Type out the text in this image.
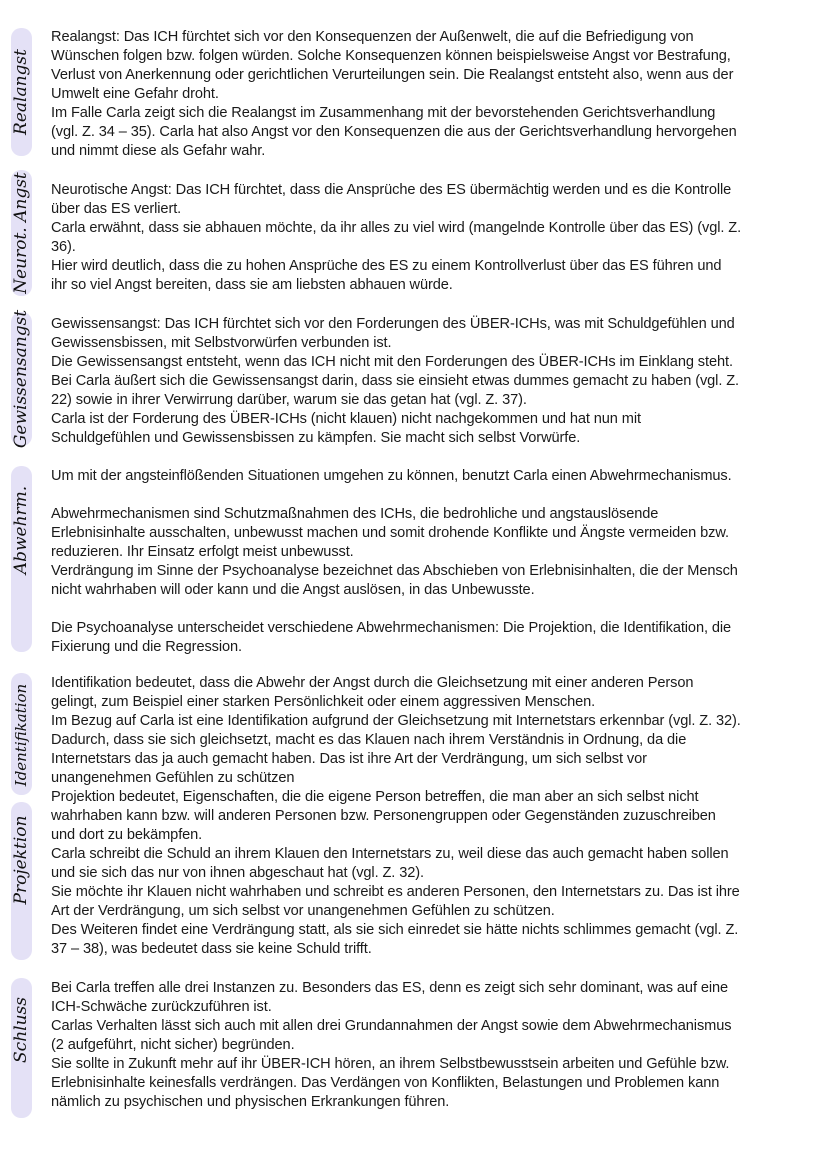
Realangst
Neurot. Angst
Gewissensangst
Abwehrm.
Identifikation
Projektion
Schluss
Realangst: Das ICH fürchtet sich vor den Konsequenzen der Außenwelt, die auf die Befriedigung von
Wünschen folgen bzw. folgen würden. Solche Konsequenzen können beispielsweise Angst vor Bestrafung,
Verlust von Anerkennung oder gerichtlichen Verurteilungen sein. Die Realangst entsteht also, wenn aus der
Umwelt eine Gefahr droht.
Im Falle Carla zeigt sich die Realangst im Zusammenhang mit der bevorstehenden Gerichtsverhandlung
(vgl. Z. 34 – 35). Carla hat also Angst vor den Konsequenzen die aus der Gerichtsverhandlung hervorgehen
und nimmt diese als Gefahr wahr.
Neurotische Angst: Das ICH fürchtet, dass die Ansprüche des ES übermächtig werden und es die Kontrolle
über das ES verliert.
Carla erwähnt, dass sie abhauen möchte, da ihr alles zu viel wird (mangelnde Kontrolle über das ES) (vgl. Z.
36).
Hier wird deutlich, dass die zu hohen Ansprüche des ES zu einem Kontrollverlust über das ES führen und
ihr so viel Angst bereiten, dass sie am liebsten abhauen würde.
Gewissensangst: Das ICH fürchtet sich vor den Forderungen des ÜBER-ICHs, was mit Schuldgefühlen und
Gewissensbissen, mit Selbstvorwürfen verbunden ist.
Die Gewissensangst entsteht, wenn das ICH nicht mit den Forderungen des ÜBER-ICHs im Einklang steht.
Bei Carla äußert sich die Gewissensangst darin, dass sie einsieht etwas dummes gemacht zu haben (vgl. Z.
22) sowie in ihrer Verwirrung darüber, warum sie das getan hat (vgl. Z. 37).
Carla ist der Forderung des ÜBER-ICHs (nicht klauen) nicht nachgekommen und hat nun mit
Schuldgefühlen und Gewissensbissen zu kämpfen. Sie macht sich selbst Vorwürfe.
Um mit der angsteinflößenden Situationen umgehen zu können, benutzt Carla einen Abwehrmechanismus.
Abwehrmechanismen sind Schutzmaßnahmen des ICHs, die bedrohliche und angstauslösende
Erlebnisinhalte ausschalten, unbewusst machen und somit drohende Konflikte und Ängste vermeiden bzw.
reduzieren. Ihr Einsatz erfolgt meist unbewusst.
Verdrängung im Sinne der Psychoanalyse bezeichnet das Abschieben von Erlebnisinhalten, die der Mensch
nicht wahrhaben will oder kann und die Angst auslösen, in das Unbewusste.
Die Psychoanalyse unterscheidet verschiedene Abwehrmechanismen: Die Projektion, die Identifikation, die
Fixierung und die Regression.
Identifikation bedeutet, dass die Abwehr der Angst durch die Gleichsetzung mit einer anderen Person
gelingt, zum Beispiel einer starken Persönlichkeit oder einem aggressiven Menschen.
Im Bezug auf Carla ist eine Identifikation aufgrund der Gleichsetzung mit Internetstars erkennbar (vgl. Z. 32).
Dadurch, dass sie sich gleichsetzt, macht es das Klauen nach ihrem Verständnis in Ordnung, da die
Internetstars das ja auch gemacht haben. Das ist ihre Art der Verdrängung, um sich selbst vor
unangenehmen Gefühlen zu schützen
Projektion bedeutet, Eigenschaften, die die eigene Person betreffen, die man aber an sich selbst nicht
wahrhaben kann bzw. will anderen Personen bzw. Personengruppen oder Gegenständen zuzuschreiben
und dort zu bekämpfen.
Carla schreibt die Schuld an ihrem Klauen den Internetstars zu, weil diese das auch gemacht haben sollen
und sie sich das nur von ihnen abgeschaut hat (vgl. Z. 32).
Sie möchte ihr Klauen nicht wahrhaben und schreibt es anderen Personen, den Internetstars zu. Das ist ihre
Art der Verdrängung, um sich selbst vor unangenehmen Gefühlen zu schützen.
Des Weiteren findet eine Verdrängung statt, als sie sich einredet sie hätte nichts schlimmes gemacht (vgl. Z.
37 – 38), was bedeutet dass sie keine Schuld trifft.
Bei Carla treffen alle drei Instanzen zu. Besonders das ES, denn es zeigt sich sehr dominant, was auf eine
ICH-Schwäche zurückzuführen ist.
Carlas Verhalten lässt sich auch mit allen drei Grundannahmen der Angst sowie dem Abwehrmechanismus
(2 aufgeführt, nicht sicher) begründen.
Sie sollte in Zukunft mehr auf ihr ÜBER-ICH hören, an ihrem Selbstbewusstsein arbeiten und Gefühle bzw.
Erlebnisinhalte keinesfalls verdrängen. Das Verdängen von Konflikten, Belastungen und Problemen kann
nämlich zu psychischen und physischen Erkrankungen führen.
